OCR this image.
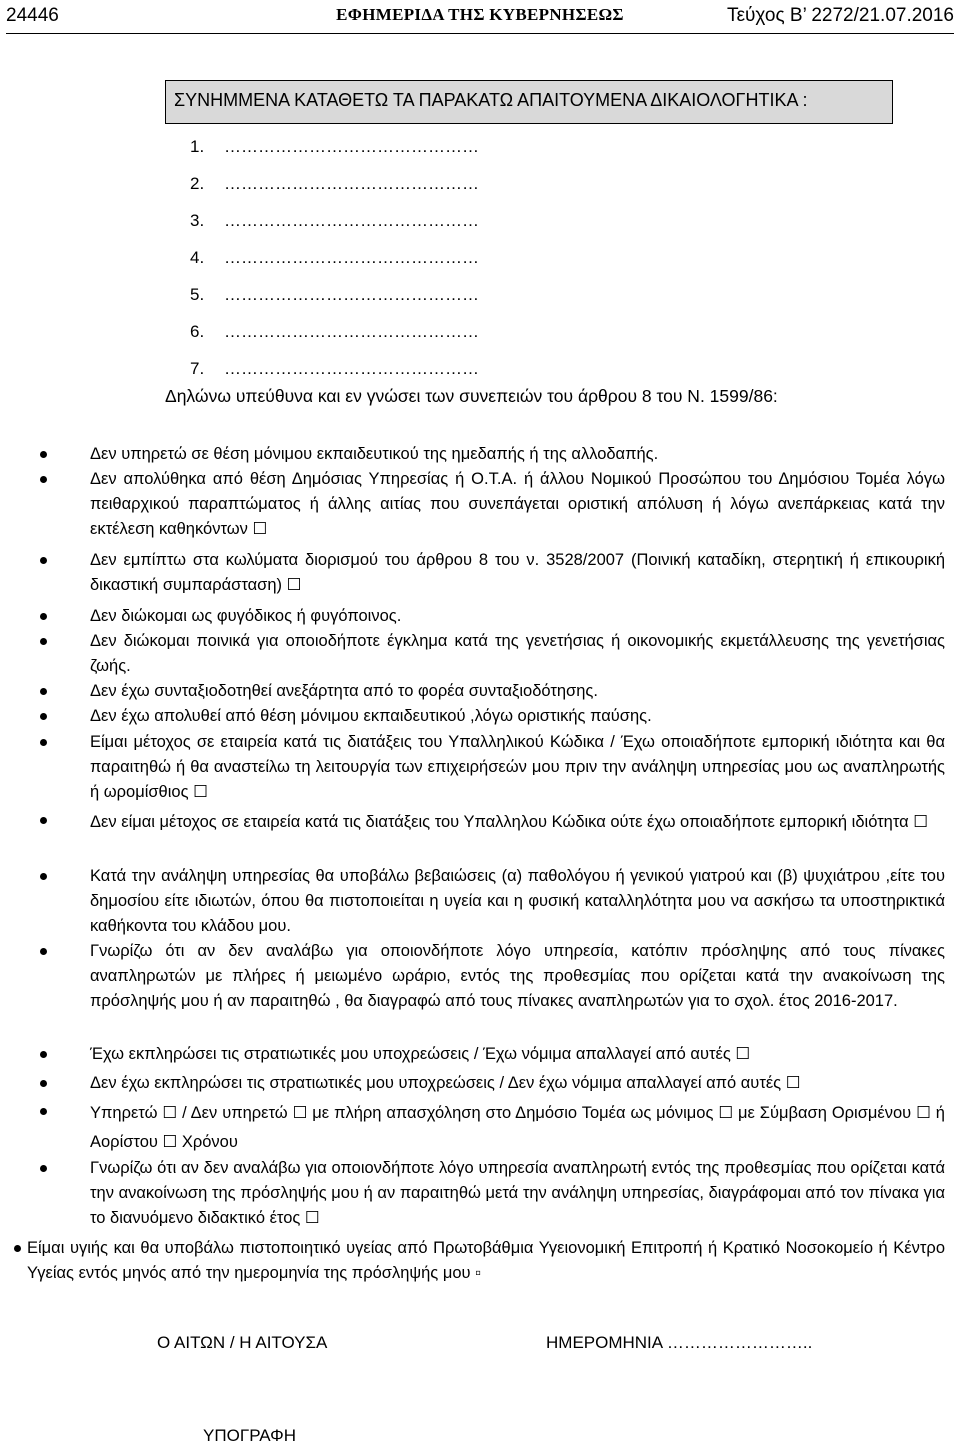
24446	ΕΦΗΜΕΡΙΔΑ ΤΗΣ ΚΥΒΕΡΝΗΣΕΩΣ	Τεύχος Β’ 2272/21.07.2016
ΣΥΝΗΜΜΕΝΑ ΚΑΤΑΘΕΤΩ ΤΑ ΠΑΡΑΚΑΤΩ ΑΠΑΙΤΟΥΜΕΝΑ ΔΙΚΑΙΟΛΟΓΗΤΙΚΑ :
1. ………………………………………
2. ………………………………………
3. ………………………………………
4. ………………………………………
5. ………………………………………
6. ………………………………………
7. ………………………………………
Δηλώνω υπεύθυνα και εν γνώσει των συνεπειών του άρθρου 8 του Ν. 1599/86:
Δεν υπηρετώ σε θέση μόνιμου εκπαιδευτικού της ημεδαπής ή της αλλοδαπής.
Δεν απολύθηκα από θέση Δημόσιας Υπηρεσίας ή Ο.Τ.Α. ή άλλου Νομικού Προσώπου του Δημόσιου Τομέα λόγω πειθαρχικού παραπτώματος ή άλλης αιτίας που συνεπάγεται οριστική απόλυση ή λόγω ανεπάρκειας κατά την εκτέλεση καθηκόντων ☐
Δεν εμπίπτω στα κωλύματα διορισμού του άρθρου 8 του ν. 3528/2007 (Ποινική καταδίκη, στερητική ή επικουρική δικαστική συμπαράσταση) ☐
Δεν διώκομαι ως φυγόδικος ή φυγόποινος.
Δεν διώκομαι ποινικά για οποιοδήποτε έγκλημα κατά της γενετήσιας ή οικονομικής εκμετάλλευσης της γενετήσιας ζωής.
Δεν έχω συνταξιοδοτηθεί ανεξάρτητα από το φορέα συνταξιοδότησης.
Δεν έχω απολυθεί από θέση μόνιμου εκπαιδευτικού ,λόγω οριστικής παύσης.
Είμαι μέτοχος σε εταιρεία κατά τις διατάξεις του Υπαλληλικού Κώδικα / Έχω οποιαδήποτε εμπορική ιδιότητα και θα παραιτηθώ ή θα αναστείλω τη λειτουργία των επιχειρήσεών μου πριν την ανάληψη υπηρεσίας μου ως αναπληρωτής ή ωρομίσθιος ☐
Δεν είμαι μέτοχος σε εταιρεία κατά τις διατάξεις του Υπαλληλου Κώδικα ούτε έχω οποιαδήποτε εμπορική ιδιότητα ☐
Κατά την ανάληψη υπηρεσίας θα υποβάλω βεβαιώσεις (α) παθολόγου ή γενικού γιατρού και (β) ψυχιάτρου ,είτε του δημοσίου είτε ιδιωτών, όπου θα πιστοποιείται η υγεία και η φυσική καταλληλότητα μου να ασκήσω τα υποστηρικτικά καθήκοντα του κλάδου μου.
Γνωρίζω ότι αν δεν αναλάβω για οποιονδήποτε λόγο υπηρεσία, κατόπιν πρόσληψης από τους πίνακες αναπληρωτών με πλήρες ή μειωμένο ωράριο, εντός της προθεσμίας που ορίζεται κατά την ανακοίνωση της πρόσληψής μου ή αν παραιτηθώ , θα διαγραφώ από τους πίνακες αναπληρωτών για το σχολ. έτος 2016-2017.
Έχω εκπληρώσει τις στρατιωτικές μου υποχρεώσεις / Έχω νόμιμα απαλλαγεί από αυτές ☐
Δεν έχω εκπληρώσει τις στρατιωτικές μου υποχρεώσεις / Δεν έχω νόμιμα απαλλαγεί από αυτές ☐
Υπηρετώ ☐ / Δεν υπηρετώ ☐ με πλήρη απασχόληση στο Δημόσιο Τομέα ως μόνιμος ☐ με Σύμβαση Ορισμένου ☐ ή Αορίστου ☐ Χρόνου
Γνωρίζω ότι αν δεν αναλάβω για οποιονδήποτε λόγο υπηρεσία αναπληρωτή εντός της προθεσμίας που ορίζεται κατά την ανακοίνωση της πρόσληψής μου ή αν παραιτηθώ μετά την ανάληψη υπηρεσίας, διαγράφομαι από τον πίνακα για το διανυόμενο διδακτικό έτος ☐
Είμαι υγιής και θα υποβάλω πιστοποιητικό υγείας από Πρωτοβάθμια Υγειονομική Επιτροπή ή Κρατικό Νοσοκομείο ή Κέντρο Υγείας εντός μηνός από την ημερομηνία της πρόσληψής μου ▫
Ο ΑΙΤΩΝ / Η ΑΙΤΟΥΣΑ	ΗΜΕΡΟΜΗΝΙΑ ……………………..
ΥΠΟΓΡΑΦΗ
